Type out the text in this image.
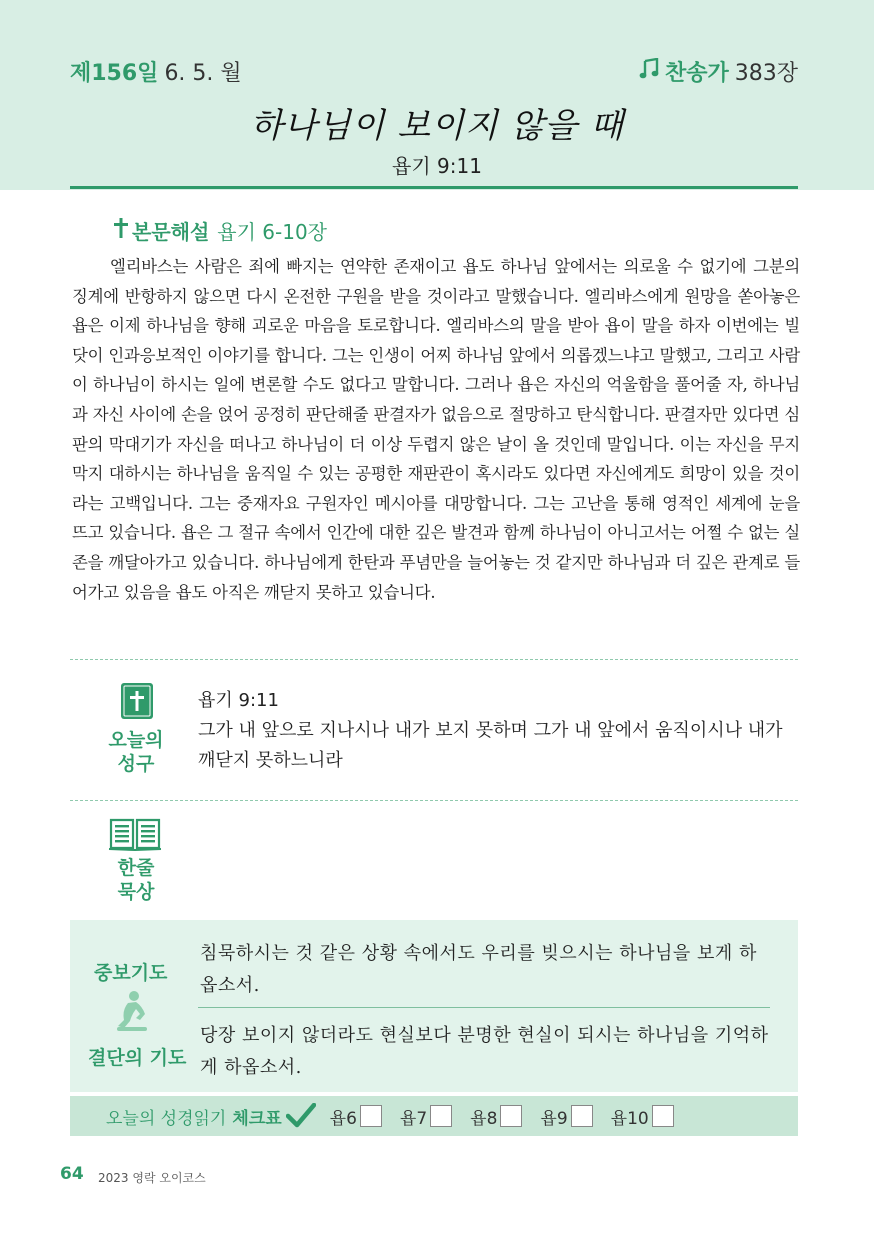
제156일 6. 5. 월	찬송가 383장
하나님이 보이지 않을 때
욥기 9:11
본문해설 욥기 6-10장
엘리바스는 사람은 죄에 빠지는 연약한 존재이고 욥도 하나님 앞에서는 의로울 수 없기에 그분의 징계에 반항하지 않으면 다시 온전한 구원을 받을 것이라고 말했습니다. 엘리바스에게 원망을 쏟아놓은 욥은 이제 하나님을 향해 괴로운 마음을 토로합니다. 엘리바스의 말을 받아 욥이 말을 하자 이번에는 빌닷이 인과응보적인 이야기를 합니다. 그는 인생이 어찌 하나님 앞에서 의롭겠느냐고 말했고, 그리고 사람이 하나님이 하시는 일에 변론할 수도 없다고 말합니다. 그러나 욥은 자신의 억울함을 풀어줄 자, 하나님과 자신 사이에 손을 얹어 공정히 판단해줄 판결자가 없음으로 절망하고 탄식합니다. 판결자만 있다면 심판의 막대기가 자신을 떠나고 하나님이 더 이상 두렵지 않은 날이 올 것인데 말입니다. 이는 자신을 무지막지 대하시는 하나님을 움직일 수 있는 공평한 재판관이 혹시라도 있다면 자신에게도 희망이 있을 것이라는 고백입니다. 그는 중재자요 구원자인 메시아를 대망합니다. 그는 고난을 통해 영적인 세계에 눈을 뜨고 있습니다. 욥은 그 절규 속에서 인간에 대한 깊은 발견과 함께 하나님이 아니고서는 어쩔 수 없는 실존을 깨달아가고 있습니다. 하나님에게 한탄과 푸념만을 늘어놓는 것 같지만 하나님과 더 깊은 관계로 들어가고 있음을 욥도 아직은 깨닫지 못하고 있습니다.
오늘의
성구
욥기 9:11
그가 내 앞으로 지나시나 내가 보지 못하며 그가 내 앞에서 움직이시나 내가 깨닫지 못하느니라
한줄
묵상
중보기도
결단의 기도
침묵하시는 것 같은 상황 속에서도 우리를 빚으시는 하나님을 보게 하옵소서.
당장 보이지 않더라도 현실보다 분명한 현실이 되시는 하나님을 기억하게 하옵소서.
오늘의 성경읽기 체크표	욥6	욥7	욥8	욥9	욥10
64 2023 영락 오이코스
